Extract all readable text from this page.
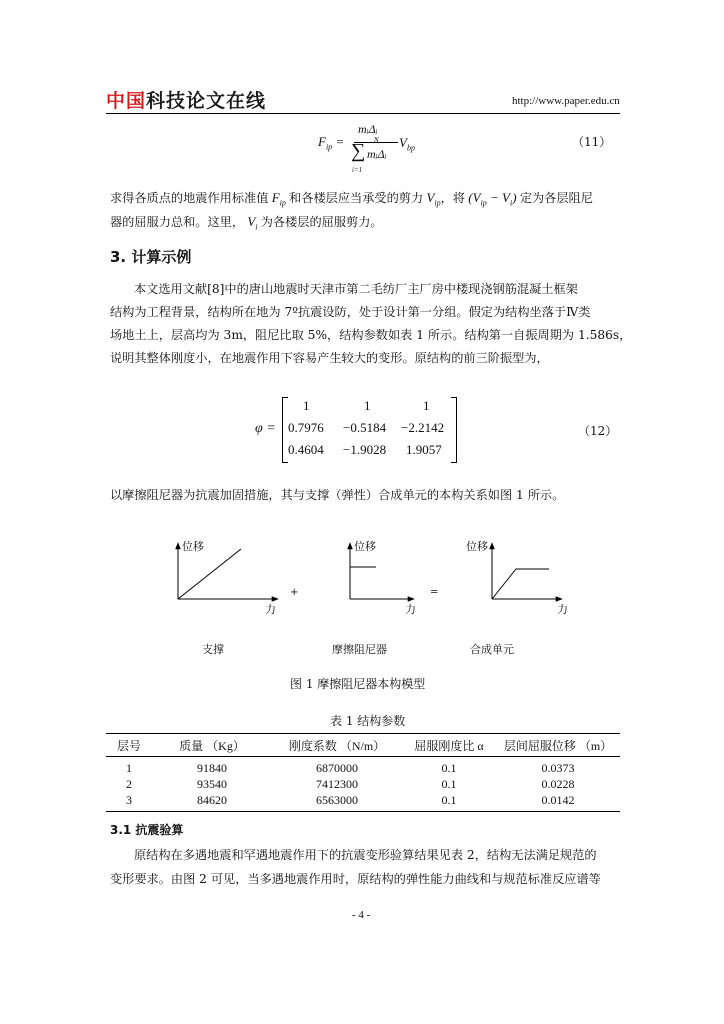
中国科技论文在线	http://www.paper.edu.cn
$F_{ip}$ =
mᵢΔᵢ
N
∑ mᵢΔᵢ
i=1
$V_{bp}$	（11）
求得各质点的地震作用标准值 $F_{ip}$ 和各楼层应当承受的剪力 $V_{ip}$，将 $(V_{ip} - V_i)$ 定为各层阻尼
器的屈服力总和。这里， $V_i$ 为各楼层的屈服剪力。
3. 计算示例
本文选用文献[8]中的唐山地震时天津市第二毛纺厂主厂房中楼现浇钢筋混凝土框架
结构为工程背景，结构所在地为 7º抗震设防，处于设计第一分组。假定为结构坐落于Ⅳ类
场地土上，层高均为 3m，阻尼比取 5%，结构参数如表 1 所示。结构第一自振周期为 1.586s，
说明其整体刚度小，在地震作用下容易产生较大的变形。原结构的前三阶振型为，
φ =
1	1	1
0.7976 −0.5184 −2.2142
0.4604 −1.9028 1.9057
（12）
以摩擦阻尼器为抗震加固措施，其与支撑（弹性）合成单元的本构关系如图 1 所示。
位移
力
+
位移
力
=
位移
力
支撑	摩擦阻尼器	合成单元
图 1 摩擦阻尼器本构模型
表 1 结构参数
层号	质量 （Kg）	刚度系数 （N/m）	屈服刚度比 α	层间屈服位移 （m）
1	91840	6870000	0.1	0.0373
2	93540	7412300	0.1	0.0228
3	84620	6563000	0.1	0.0142
3.1 抗震验算
原结构在多遇地震和罕遇地震作用下的抗震变形验算结果见表 2，结构无法满足规范的
变形要求。由图 2 可见，当多遇地震作用时，原结构的弹性能力曲线和与规范标准反应谱等
- 4 -
